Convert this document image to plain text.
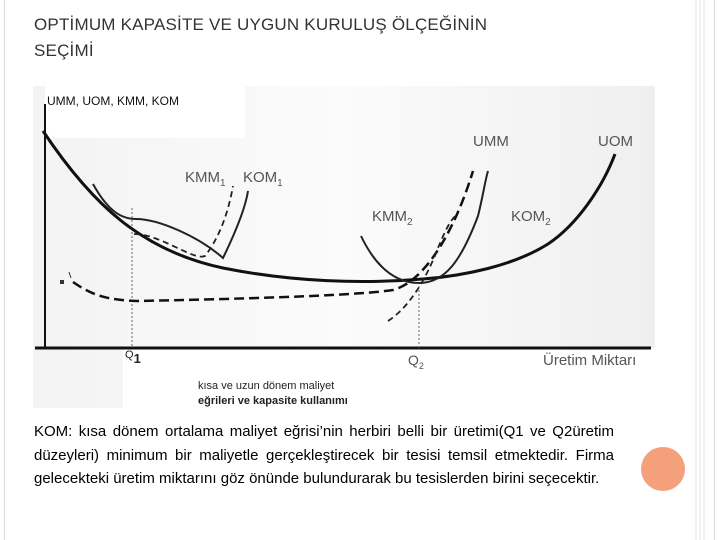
OPTİMUM KAPASİTE VE UYGUN KURULUŞ ÖLÇEĞİNİN
SEÇİMİ
UMM, UOM, KMM, KOM
UMM	UOM
$KMM_1$ $KOM_1$
$KMM_2$	$KOM_2$
Q1	$Q_2$	Üretim Miktarı
kısa ve uzun dönem maliyet
eğrileri ve kapasite kullanımı
KOM: kısa dönem ortalama maliyet eğrisi’nin herbiri belli bir üretimi(Q1 ve Q2üretim düzeyleri) minimum bir maliyetle gerçekleştirecek bir tesisi temsil etmektedir. Firma gelecekteki üretim miktarını göz önünde bulundurarak bu tesislerden birini seçecektir.
